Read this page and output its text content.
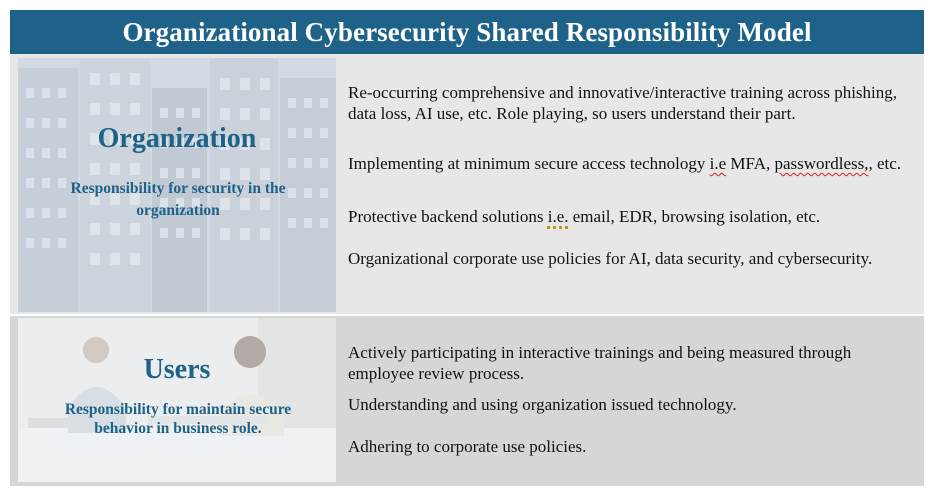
Organizational Cybersecurity Shared Responsibility Model
Organization
Responsibility for security in the organization
Re-occurring comprehensive and innovative/interactive training across phishing, data loss, AI use, etc. Role playing, so users understand their part.
Implementing at minimum secure access technology i.e MFA, passwordless,, etc.
Protective backend solutions i.e. email, EDR, browsing isolation, etc.
Organizational corporate use policies for AI, data security, and cybersecurity.
Users
Responsibility for maintain secure behavior in business role.
Actively participating in interactive trainings and being measured through employee review process.
Understanding and using organization issued technology.
Adhering to corporate use policies.
